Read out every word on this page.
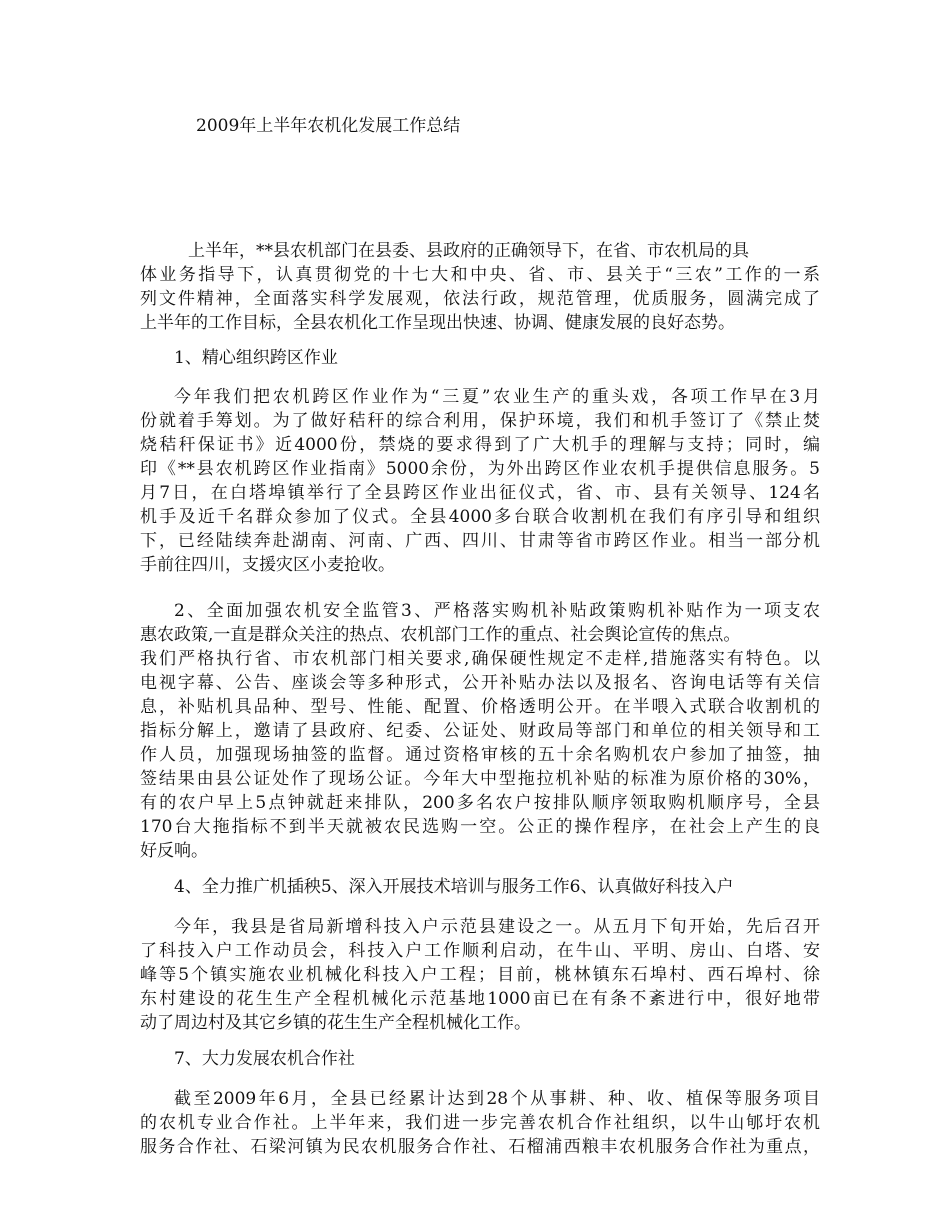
2009年上半年农机化发展工作总结
上半年，**县农机部门在县委、县政府的正确领导下，在省、市农机局的具
体业务指导下，认真贯彻党的十七大和中央、省、市、县关于“三农”工作的一系
列文件精神，全面落实科学发展观，依法行政，规范管理，优质服务，圆满完成了
上半年的工作目标，全县农机化工作呈现出快速、协调、健康发展的良好态势。
1、精心组织跨区作业
今年我们把农机跨区作业作为“三夏”农业生产的重头戏，各项工作早在3月
份就着手筹划。为了做好秸秆的综合利用，保护环境，我们和机手签订了《禁止焚
烧秸秆保证书》近4000份，禁烧的要求得到了广大机手的理解与支持；同时，编
印《**县农机跨区作业指南》5000余份，为外出跨区作业农机手提供信息服务。5
月7日，在白塔埠镇举行了全县跨区作业出征仪式，省、市、县有关领导、124名
机手及近千名群众参加了仪式。全县4000多台联合收割机在我们有序引导和组织
下，已经陆续奔赴湖南、河南、广西、四川、甘肃等省市跨区作业。相当一部分机
手前往四川，支援灾区小麦抢收。
2、全面加强农机安全监管3、严格落实购机补贴政策购机补贴作为一项支农
惠农政策,一直是群众关注的热点、农机部门工作的重点、社会舆论宣传的焦点。
我们严格执行省、市农机部门相关要求,确保硬性规定不走样,措施落实有特色。以
电视字幕、公告、座谈会等多种形式，公开补贴办法以及报名、咨询电话等有关信
息，补贴机具品种、型号、性能、配置、价格透明公开。在半喂入式联合收割机的
指标分解上，邀请了县政府、纪委、公证处、财政局等部门和单位的相关领导和工
作人员，加强现场抽签的监督。通过资格审核的五十余名购机农户参加了抽签，抽
签结果由县公证处作了现场公证。今年大中型拖拉机补贴的标准为原价格的30%，
有的农户早上5点钟就赶来排队，200多名农户按排队顺序领取购机顺序号，全县
170台大拖指标不到半天就被农民选购一空。公正的操作程序，在社会上产生的良
好反响。
4、全力推广机插秧5、深入开展技术培训与服务工作6、认真做好科技入户
今年，我县是省局新增科技入户示范县建设之一。从五月下旬开始，先后召开
了科技入户工作动员会，科技入户工作顺利启动，在牛山、平明、房山、白塔、安
峰等5个镇实施农业机械化科技入户工程；目前，桃林镇东石埠村、西石埠村、徐
东村建设的花生生产全程机械化示范基地1000亩已在有条不紊进行中，很好地带
动了周边村及其它乡镇的花生生产全程机械化工作。
7、大力发展农机合作社
截至2009年6月，全县已经累计达到28个从事耕、种、收、植保等服务项目
的农机专业合作社。上半年来，我们进一步完善农机合作社组织，以牛山郇圩农机
服务合作社、石梁河镇为民农机服务合作社、石榴浦西粮丰农机服务合作社为重点，
